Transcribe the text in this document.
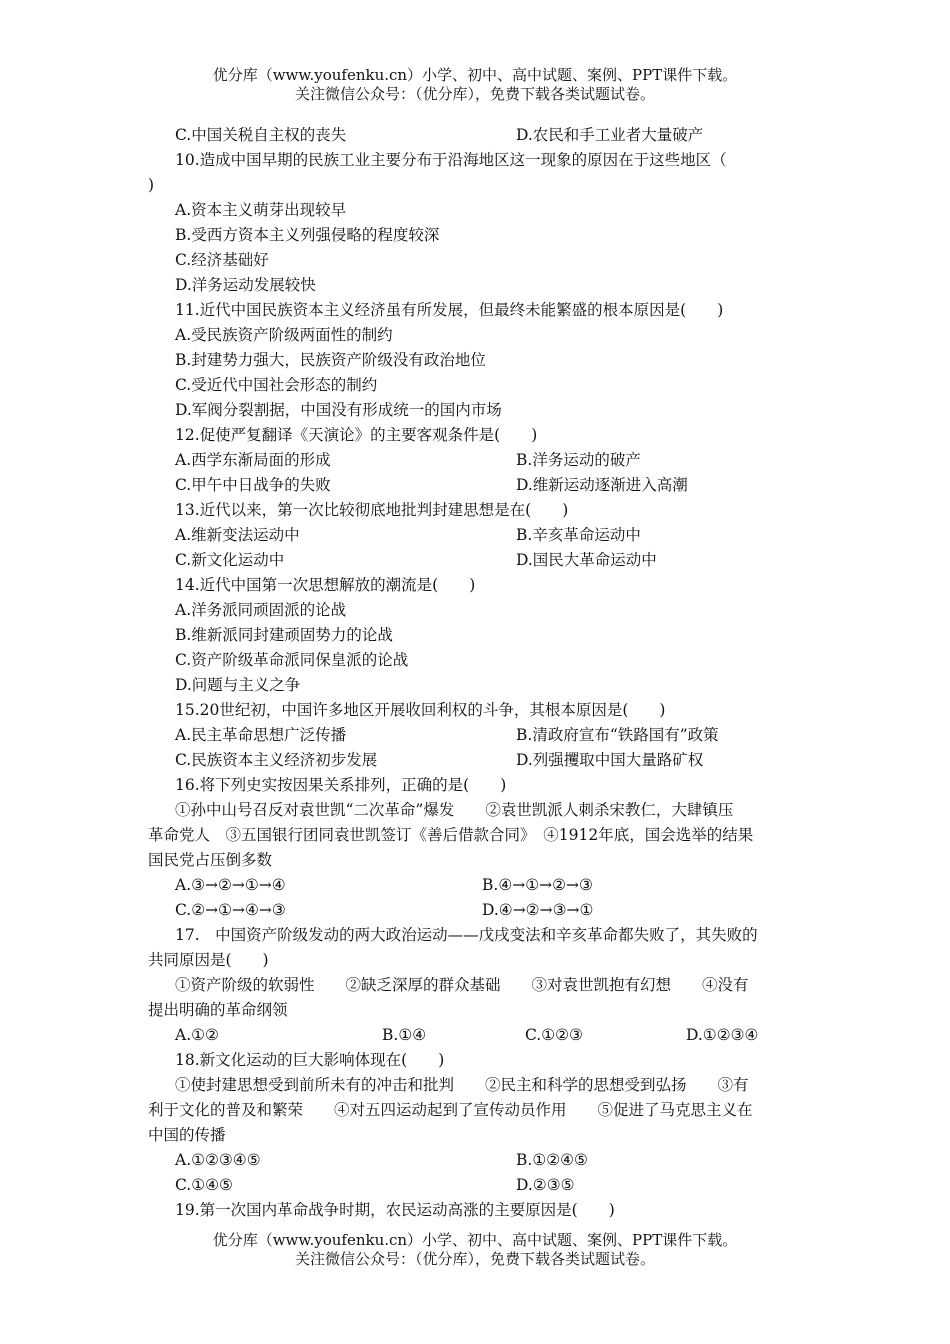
优分库（www.youfenku.cn）小学、初中、高中试题、案例、PPT课件下载。
关注微信公众号：（优分库），免费下载各类试题试卷。
C.中国关税自主权的丧失	D.农民和手工业者大量破产
10.造成中国早期的民族工业主要分布于沿海地区这一现象的原因在于这些地区（
)
A.资本主义萌芽出现较早
B.受西方资本主义列强侵略的程度较深
C.经济基础好
D.洋务运动发展较快
11.近代中国民族资本主义经济虽有所发展，但最终未能繁盛的根本原因是(　　)
A.受民族资产阶级两面性的制约
B.封建势力强大，民族资产阶级没有政治地位
C.受近代中国社会形态的制约
D.军阀分裂割据，中国没有形成统一的国内市场
12.促使严复翻译《天演论》的主要客观条件是(　　)
A.西学东渐局面的形成	B.洋务运动的破产
C.甲午中日战争的失败	D.维新运动逐渐进入高潮
13.近代以来，第一次比较彻底地批判封建思想是在(　　)
A.维新变法运动中	B.辛亥革命运动中
C.新文化运动中	D.国民大革命运动中
14.近代中国第一次思想解放的潮流是(　　)
A.洋务派同顽固派的论战
B.维新派同封建顽固势力的论战
C.资产阶级革命派同保皇派的论战
D.问题与主义之争
15.20世纪初，中国许多地区开展收回利权的斗争，其根本原因是(　　)
A.民主革命思想广泛传播	B.清政府宣布“铁路国有”政策
C.民族资本主义经济初步发展	D.列强攫取中国大量路矿权
16.将下列史实按因果关系排列，正确的是(　　)
①孙中山号召反对袁世凯“二次革命”爆发　　②袁世凯派人刺杀宋教仁，大肆镇压
革命党人　③五国银行团同袁世凯签订《善后借款合同》　④1912年底，国会选举的结果
国民党占压倒多数
A.③→②→①→④	B.④→①→②→③
C.②→①→④→③	D.④→②→③→①
17.　中国资产阶级发动的两大政治运动——戊戌变法和辛亥革命都失败了，其失败的
共同原因是(　　)
①资产阶级的软弱性　　②缺乏深厚的群众基础　　③对袁世凯抱有幻想　　④没有
提出明确的革命纲领
A.①②	B.①④	C.①②③	D.①②③④
18.新文化运动的巨大影响体现在(　　)
①使封建思想受到前所未有的冲击和批判　　②民主和科学的思想受到弘扬　　③有
利于文化的普及和繁荣　　④对五四运动起到了宣传动员作用　　⑤促进了马克思主义在
中国的传播
A.①②③④⑤	B.①②④⑤
C.①④⑤	D.②③⑤
19.第一次国内革命战争时期，农民运动高涨的主要原因是(　　)
优分库（www.youfenku.cn）小学、初中、高中试题、案例、PPT课件下载。
关注微信公众号：（优分库），免费下载各类试题试卷。
